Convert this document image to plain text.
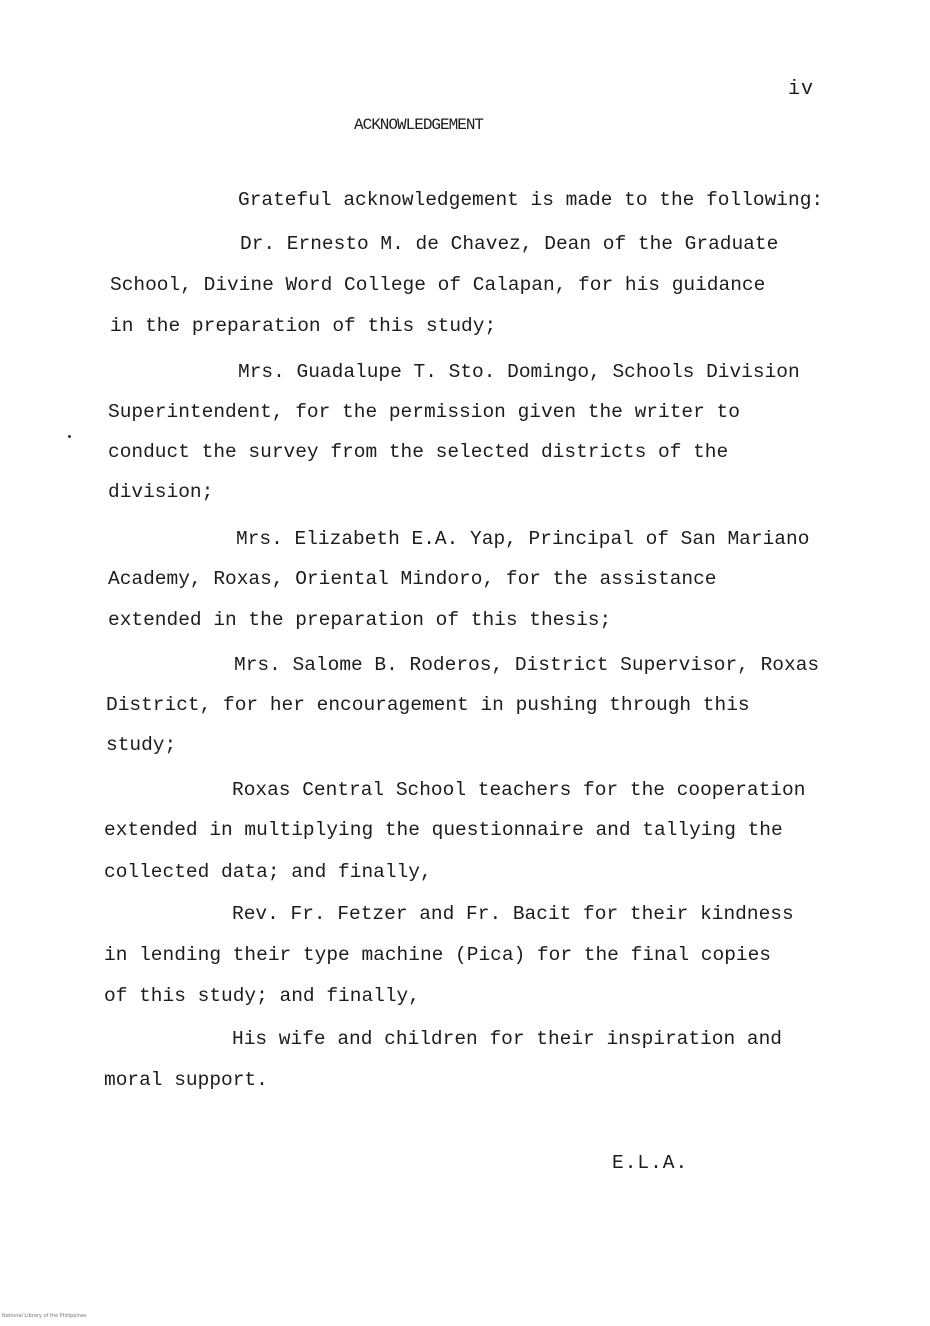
iv
ACKNOWLEDGEMENT
Grateful acknowledgement is made to the following:
Dr. Ernesto M. de Chavez, Dean of the Graduate
School, Divine Word College of Calapan, for his guidance
in the preparation of this study;
Mrs. Guadalupe T. Sto. Domingo, Schools Division
Superintendent, for the permission given the writer to
conduct the survey from the selected districts of the
division;
Mrs. Elizabeth E.A. Yap, Principal of San Mariano
Academy, Roxas, Oriental Mindoro, for the assistance
extended in the preparation of this thesis;
Mrs. Salome B. Roderos, District Supervisor, Roxas
District, for her encouragement in pushing through this
study;
Roxas Central School teachers for the cooperation
extended in multiplying the questionnaire and tallying the
collected data; and finally,
Rev. Fr. Fetzer and Fr. Bacit for their kindness
in lending their type machine (Pica) for the final copies
of this study; and finally,
His wife and children for their inspiration and
moral support.
E.L.A.
National Library of the Philippines
